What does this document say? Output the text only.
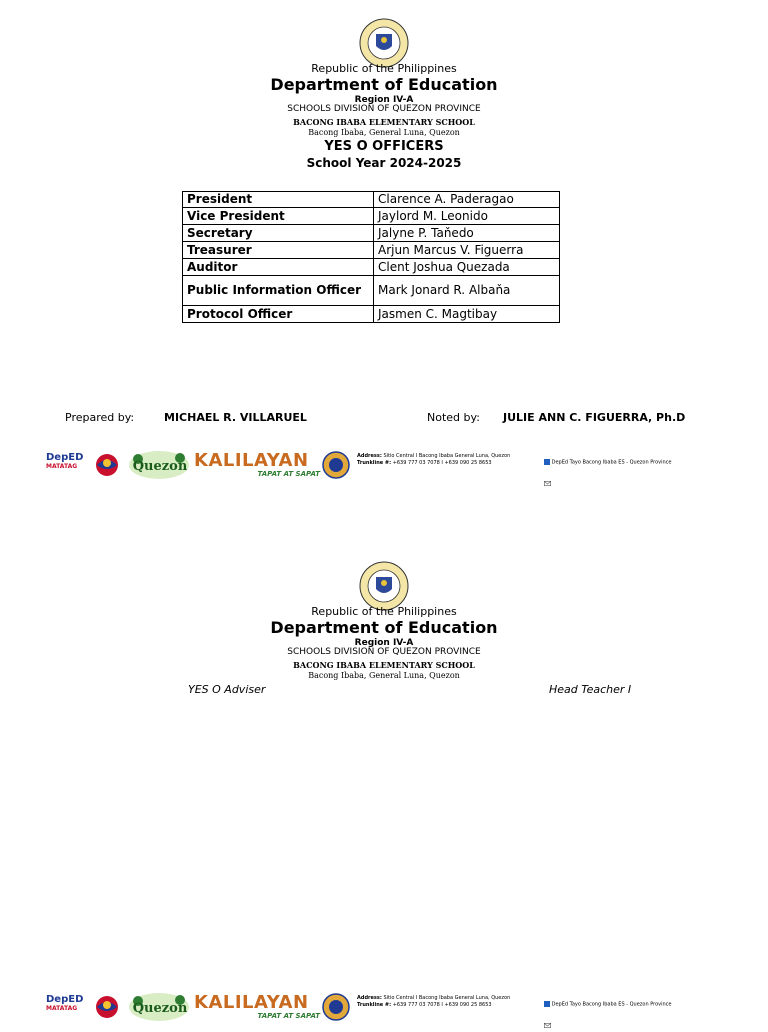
Republic of the Philippines
Department of Education
Region IV-A
SCHOOLS DIVISION OF QUEZON PROVINCE
BACONG IBABA ELEMENTARY SCHOOL
Bacong Ibaba, General Luna, Quezon
YES O OFFICERS
School Year 2024-2025
President	Clarence A. Paderagao
Vice President	Jaylord M. Leonido
Secretary	Jalyne P. Taňedo
Treasurer	Arjun Marcus V. Figuerra
Auditor	Clent Joshua Quezada
Public Information Officer	Mark Jonard R. Albaňa
Protocol Officer	Jasmen C. Magtibay
Prepared by:	MICHAEL R. VILLARUEL	Noted by: JULIE ANN C. FIGUERRA, Ph.D
DepED
MATATAG	Quezon KALILAYAN
TAPAT AT SAPAT
Address: Sitio Central I Bacong Ibaba General Luna, Quezon
Trunkline #: +639 777 03 7078 I +639 090 25 8653	DepEd Tayo Bacong Ibaba ES - Quezon Province
Republic of the Philippines
Department of Education
Region IV-A
SCHOOLS DIVISION OF QUEZON PROVINCE
BACONG IBABA ELEMENTARY SCHOOL
Bacong Ibaba, General Luna, Quezon
YES O Adviser	Head Teacher I
DepED
MATATAG	Quezon KALILAYAN
TAPAT AT SAPAT
Address: Sitio Central I Bacong Ibaba General Luna, Quezon
Trunkline #: +639 777 03 7078 I +639 090 25 8653	DepEd Tayo Bacong Ibaba ES - Quezon Province
